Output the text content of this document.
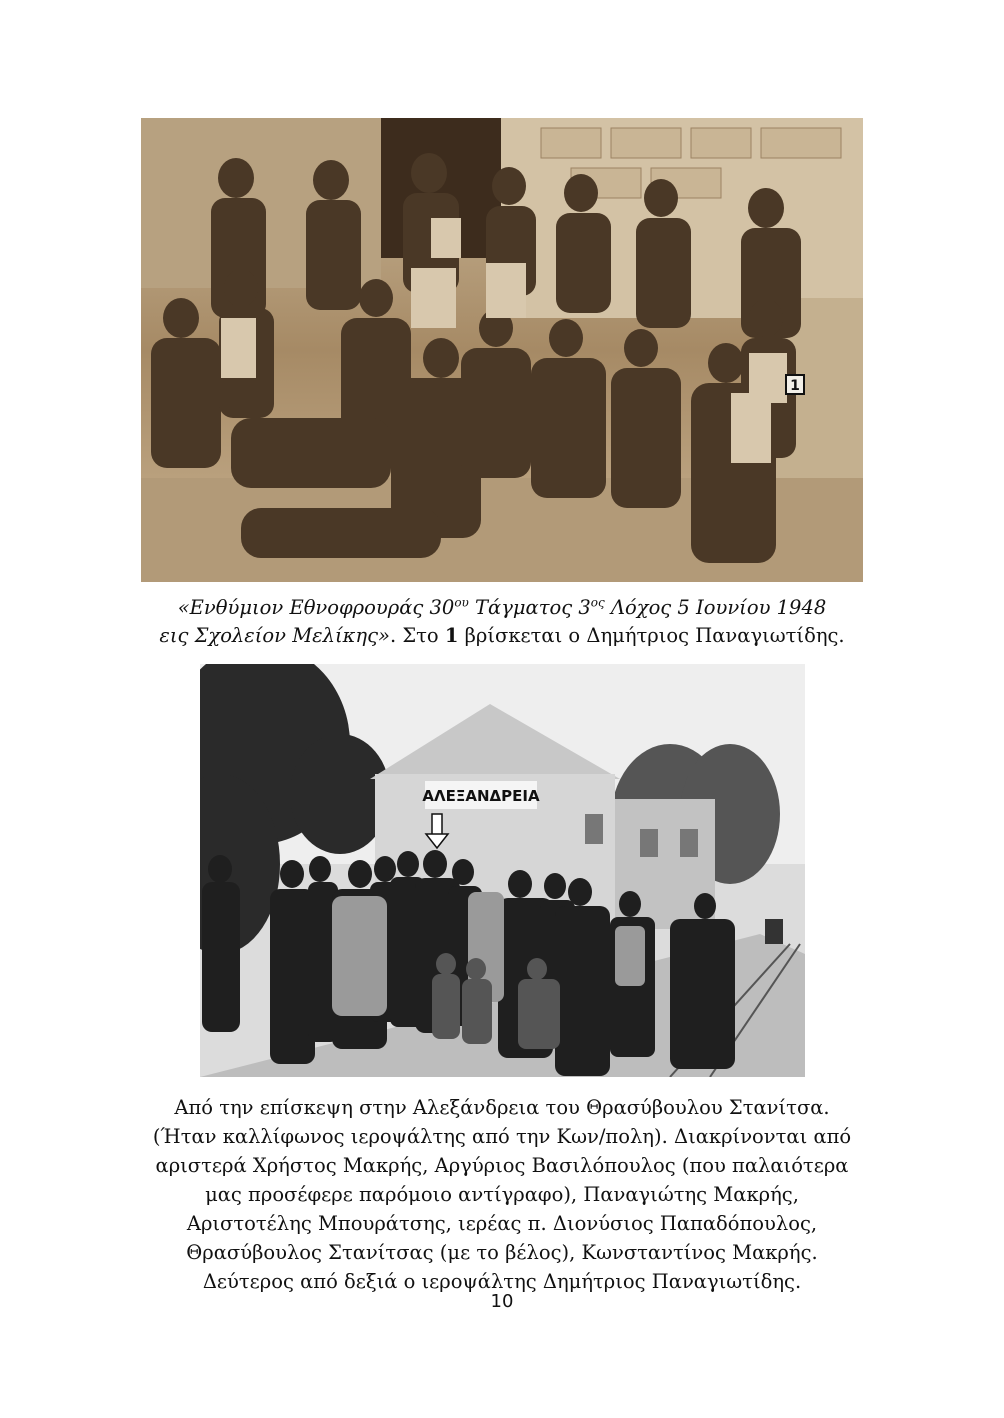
1
«Ενθύμιον Εθνοφρουράς $30^{o\upsilon}$ Τάγματος $3^{o\varsigma}$ Λόχος 5 Ιουνίου 1948
εις Σχολείον Μελίκης». Στο 1 βρίσκεται ο Δημήτριος Παναγιωτίδης.
ΑΛΕΞΑΝΔΡΕΙΑ
Από την επίσκεψη στην Αλεξάνδρεια του Θρασύβουλου Στανίτσα.
(Ήταν καλλίφωνος ιεροψάλτης από την Κων/πολη). Διακρίνονται από
αριστερά Χρήστος Μακρής, Αργύριος Βασιλόπουλος (που παλαιότερα
μας προσέφερε παρόμοιο αντίγραφο), Παναγιώτης Μακρής,
Αριστοτέλης Μπουράτσης, ιερέας π. Διονύσιος Παπαδόπουλος,
Θρασύβουλος Στανίτσας (με το βέλος), Κωνσταντίνος Μακρής.
Δεύτερος από δεξιά ο ιεροψάλτης Δημήτριος Παναγιωτίδης.
10
